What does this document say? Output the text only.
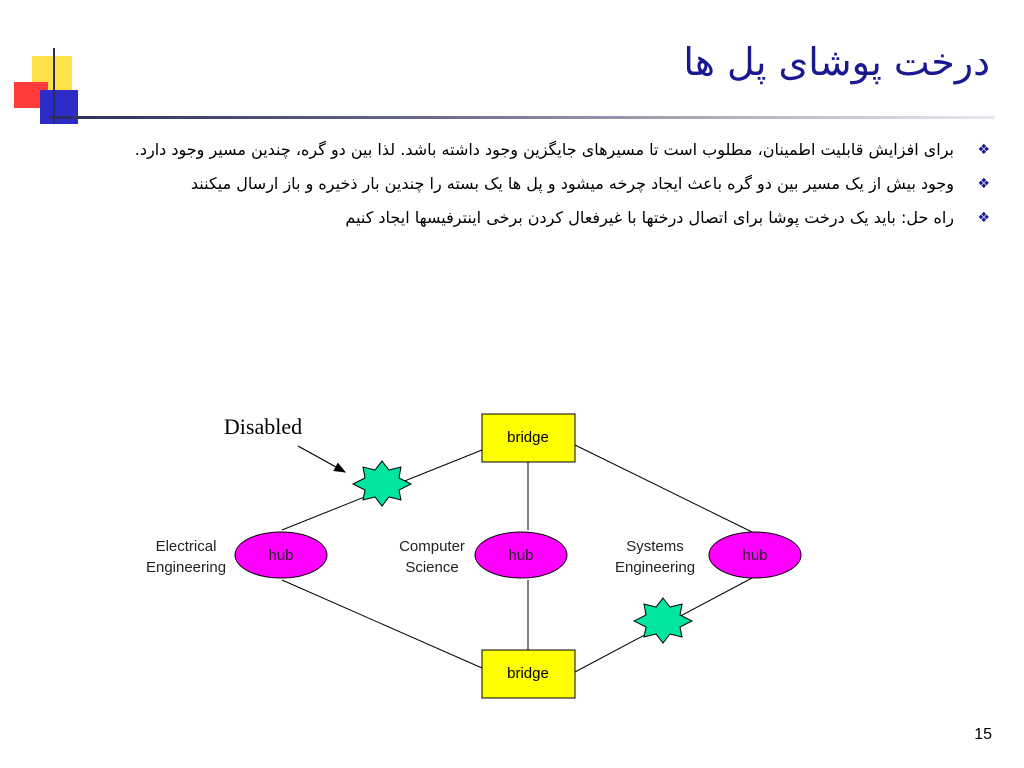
درخت پوشای پل ها
❖
برای افزایش قابلیت اطمینان، مطلوب است تا مسیرهای جایگزین وجود داشته باشد. لذا بین دو گره، چندین مسیر وجود دارد.
❖
وجود بیش از یک مسیر بین دو گره باعث ایجاد چرخه میشود و پل ها یک بسته را چندین بار ذخیره و باز ارسال میکنند
❖
راه حل: باید یک درخت پوشا برای اتصال درختها با غیرفعال کردن برخی اینترفیسها ایجاد کنیم
bridge
bridge
hub	hub	hub
Electrical
Engineering
Computer
Science
Systems
Engineering
Disabled
15
